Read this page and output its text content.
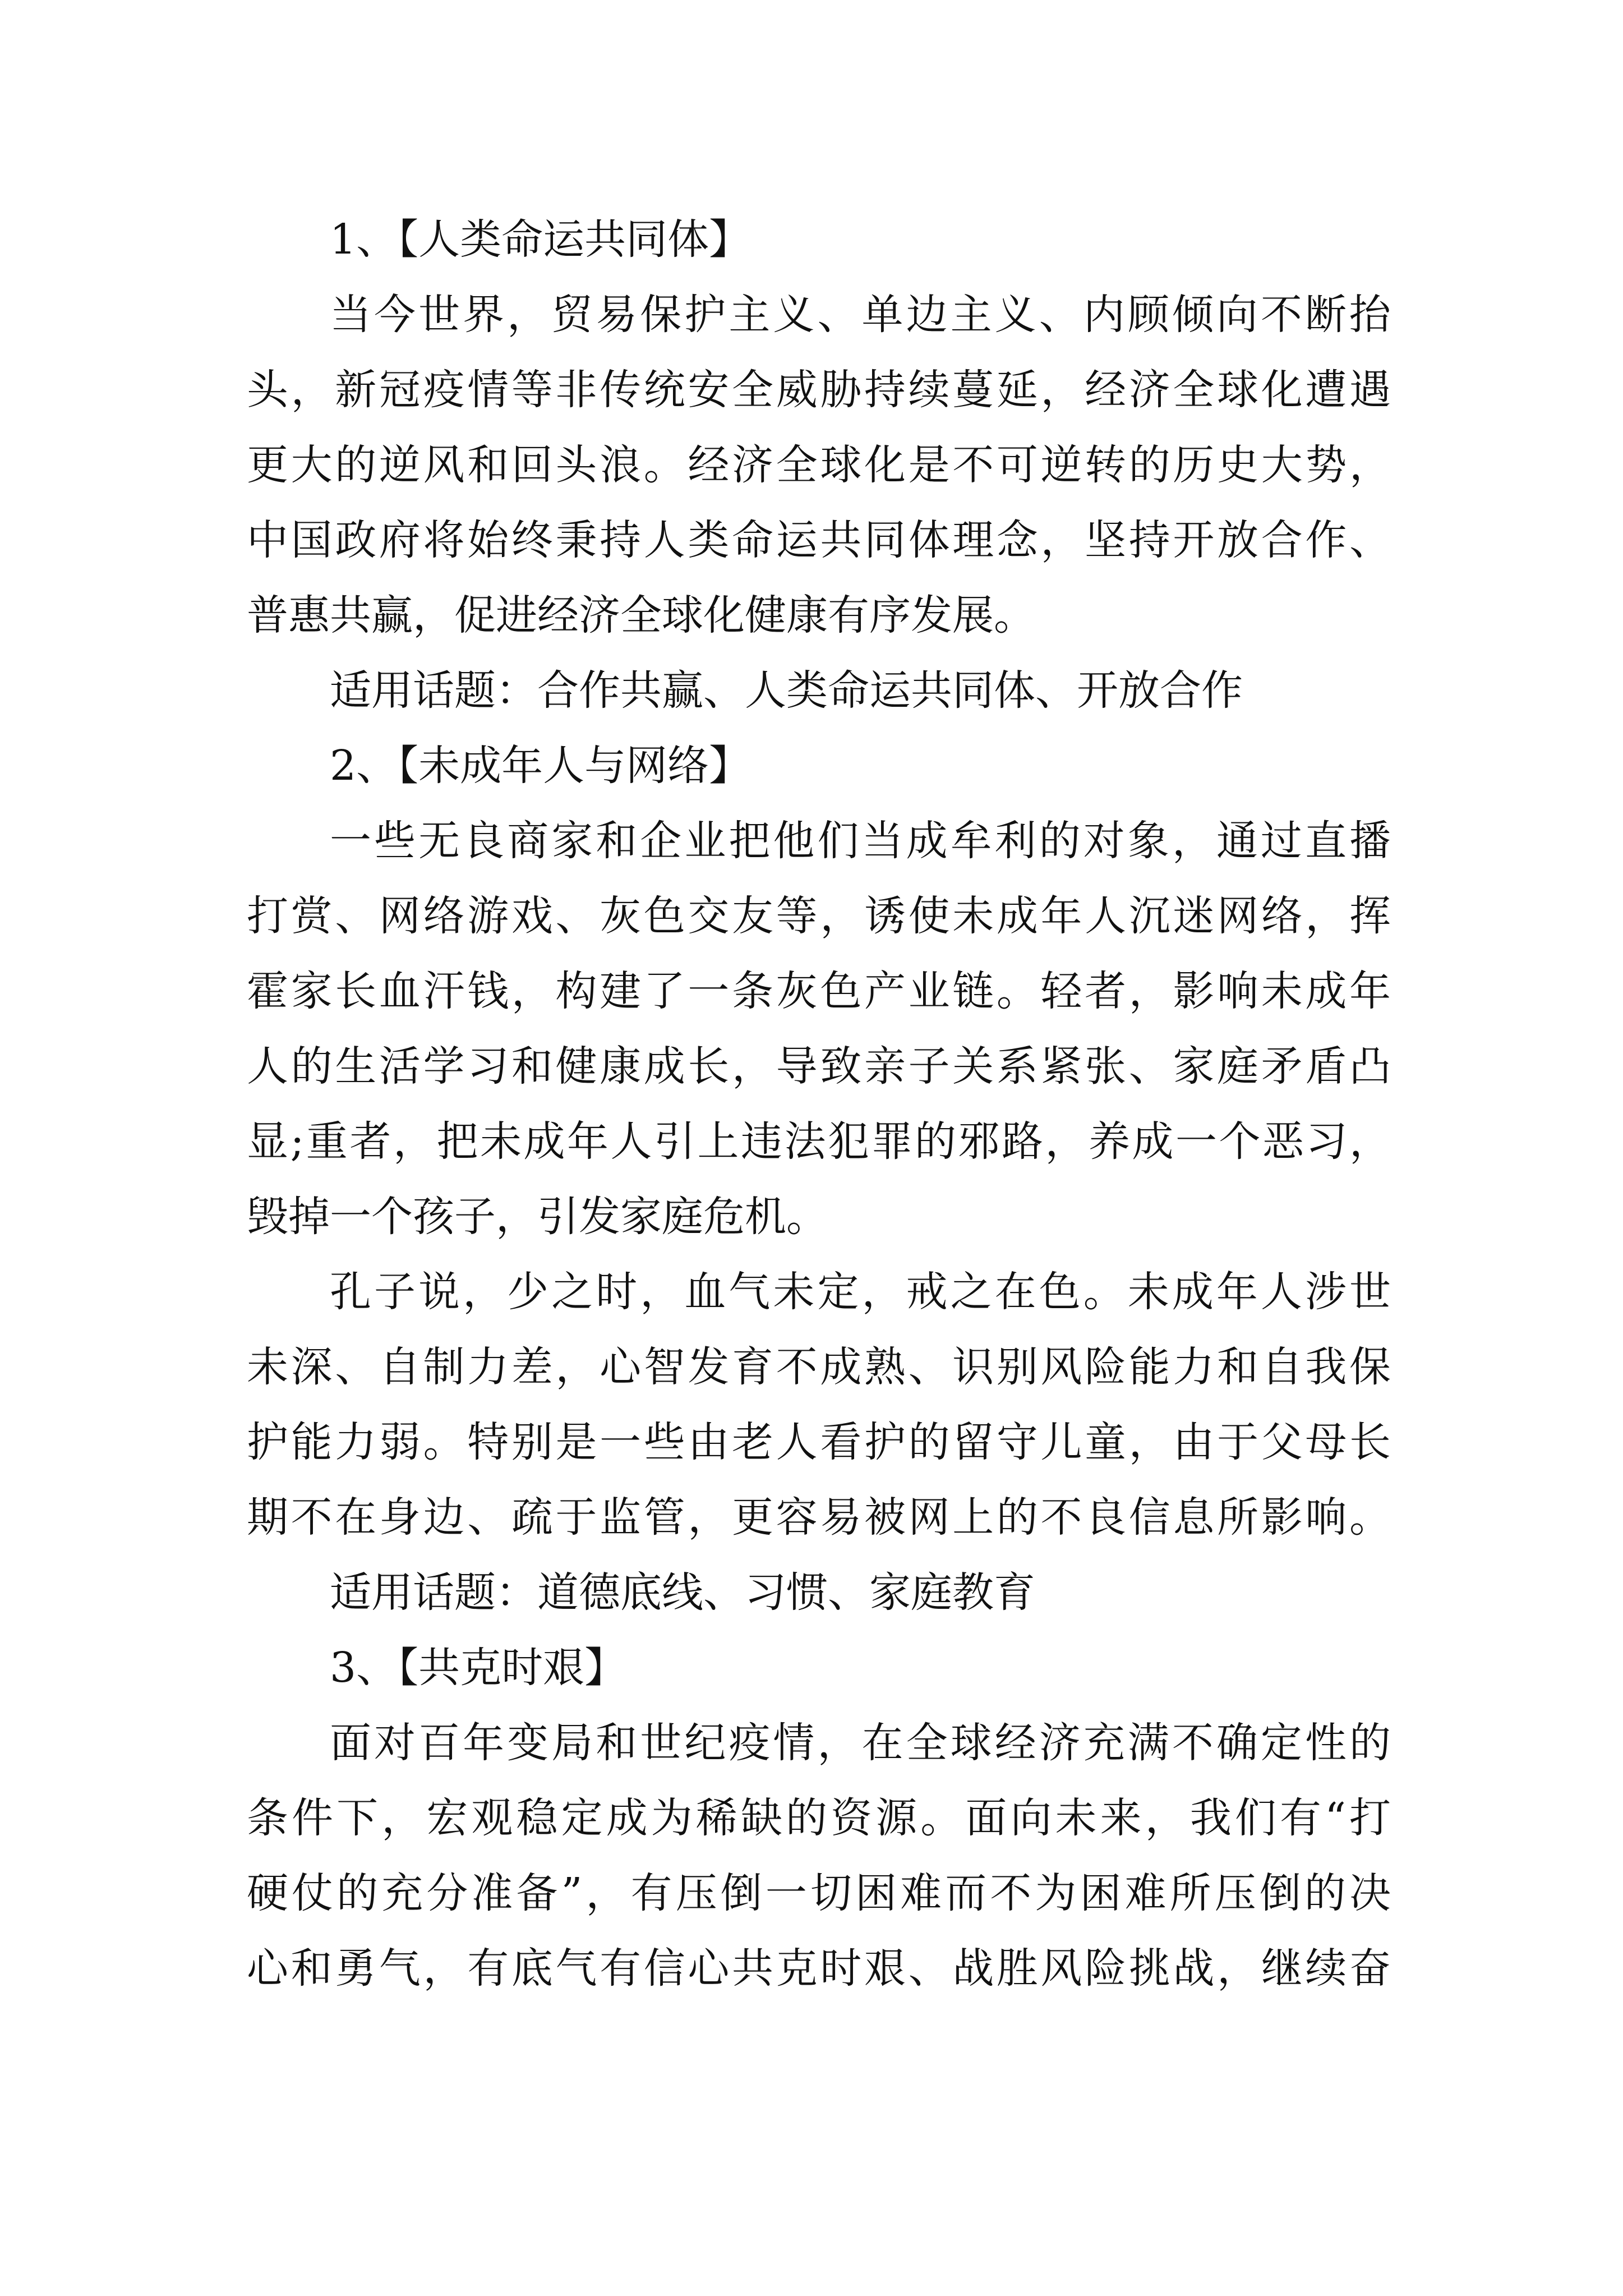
1、【人类命运共同体】
当今世界，贸易保护主义、单边主义、内顾倾向不断抬
头，新冠疫情等非传统安全威胁持续蔓延，经济全球化遭遇
更大的逆风和回头浪。经济全球化是不可逆转的历史大势，
中国政府将始终秉持人类命运共同体理念，坚持开放合作、
普惠共赢，促进经济全球化健康有序发展。
适用话题：合作共赢、人类命运共同体、开放合作
2、【未成年人与网络】
一些无良商家和企业把他们当成牟利的对象，通过直播
打赏、网络游戏、灰色交友等，诱使未成年人沉迷网络，挥
霍家长血汗钱，构建了一条灰色产业链。轻者，影响未成年
人的生活学习和健康成长，导致亲子关系紧张、家庭矛盾凸
显;重者，把未成年人引上违法犯罪的邪路，养成一个恶习，
毁掉一个孩子，引发家庭危机。
孔子说，少之时，血气未定，戒之在色。未成年人涉世
未深、自制力差，心智发育不成熟、识别风险能力和自我保
护能力弱。特别是一些由老人看护的留守儿童，由于父母长
期不在身边、疏于监管，更容易被网上的不良信息所影响。
适用话题：道德底线、习惯、家庭教育
3、【共克时艰】
面对百年变局和世纪疫情，在全球经济充满不确定性的
条件下，宏观稳定成为稀缺的资源。面向未来，我们有“打
硬仗的充分准备”，有压倒一切困难而不为困难所压倒的决
心和勇气，有底气有信心共克时艰、战胜风险挑战，继续奋
